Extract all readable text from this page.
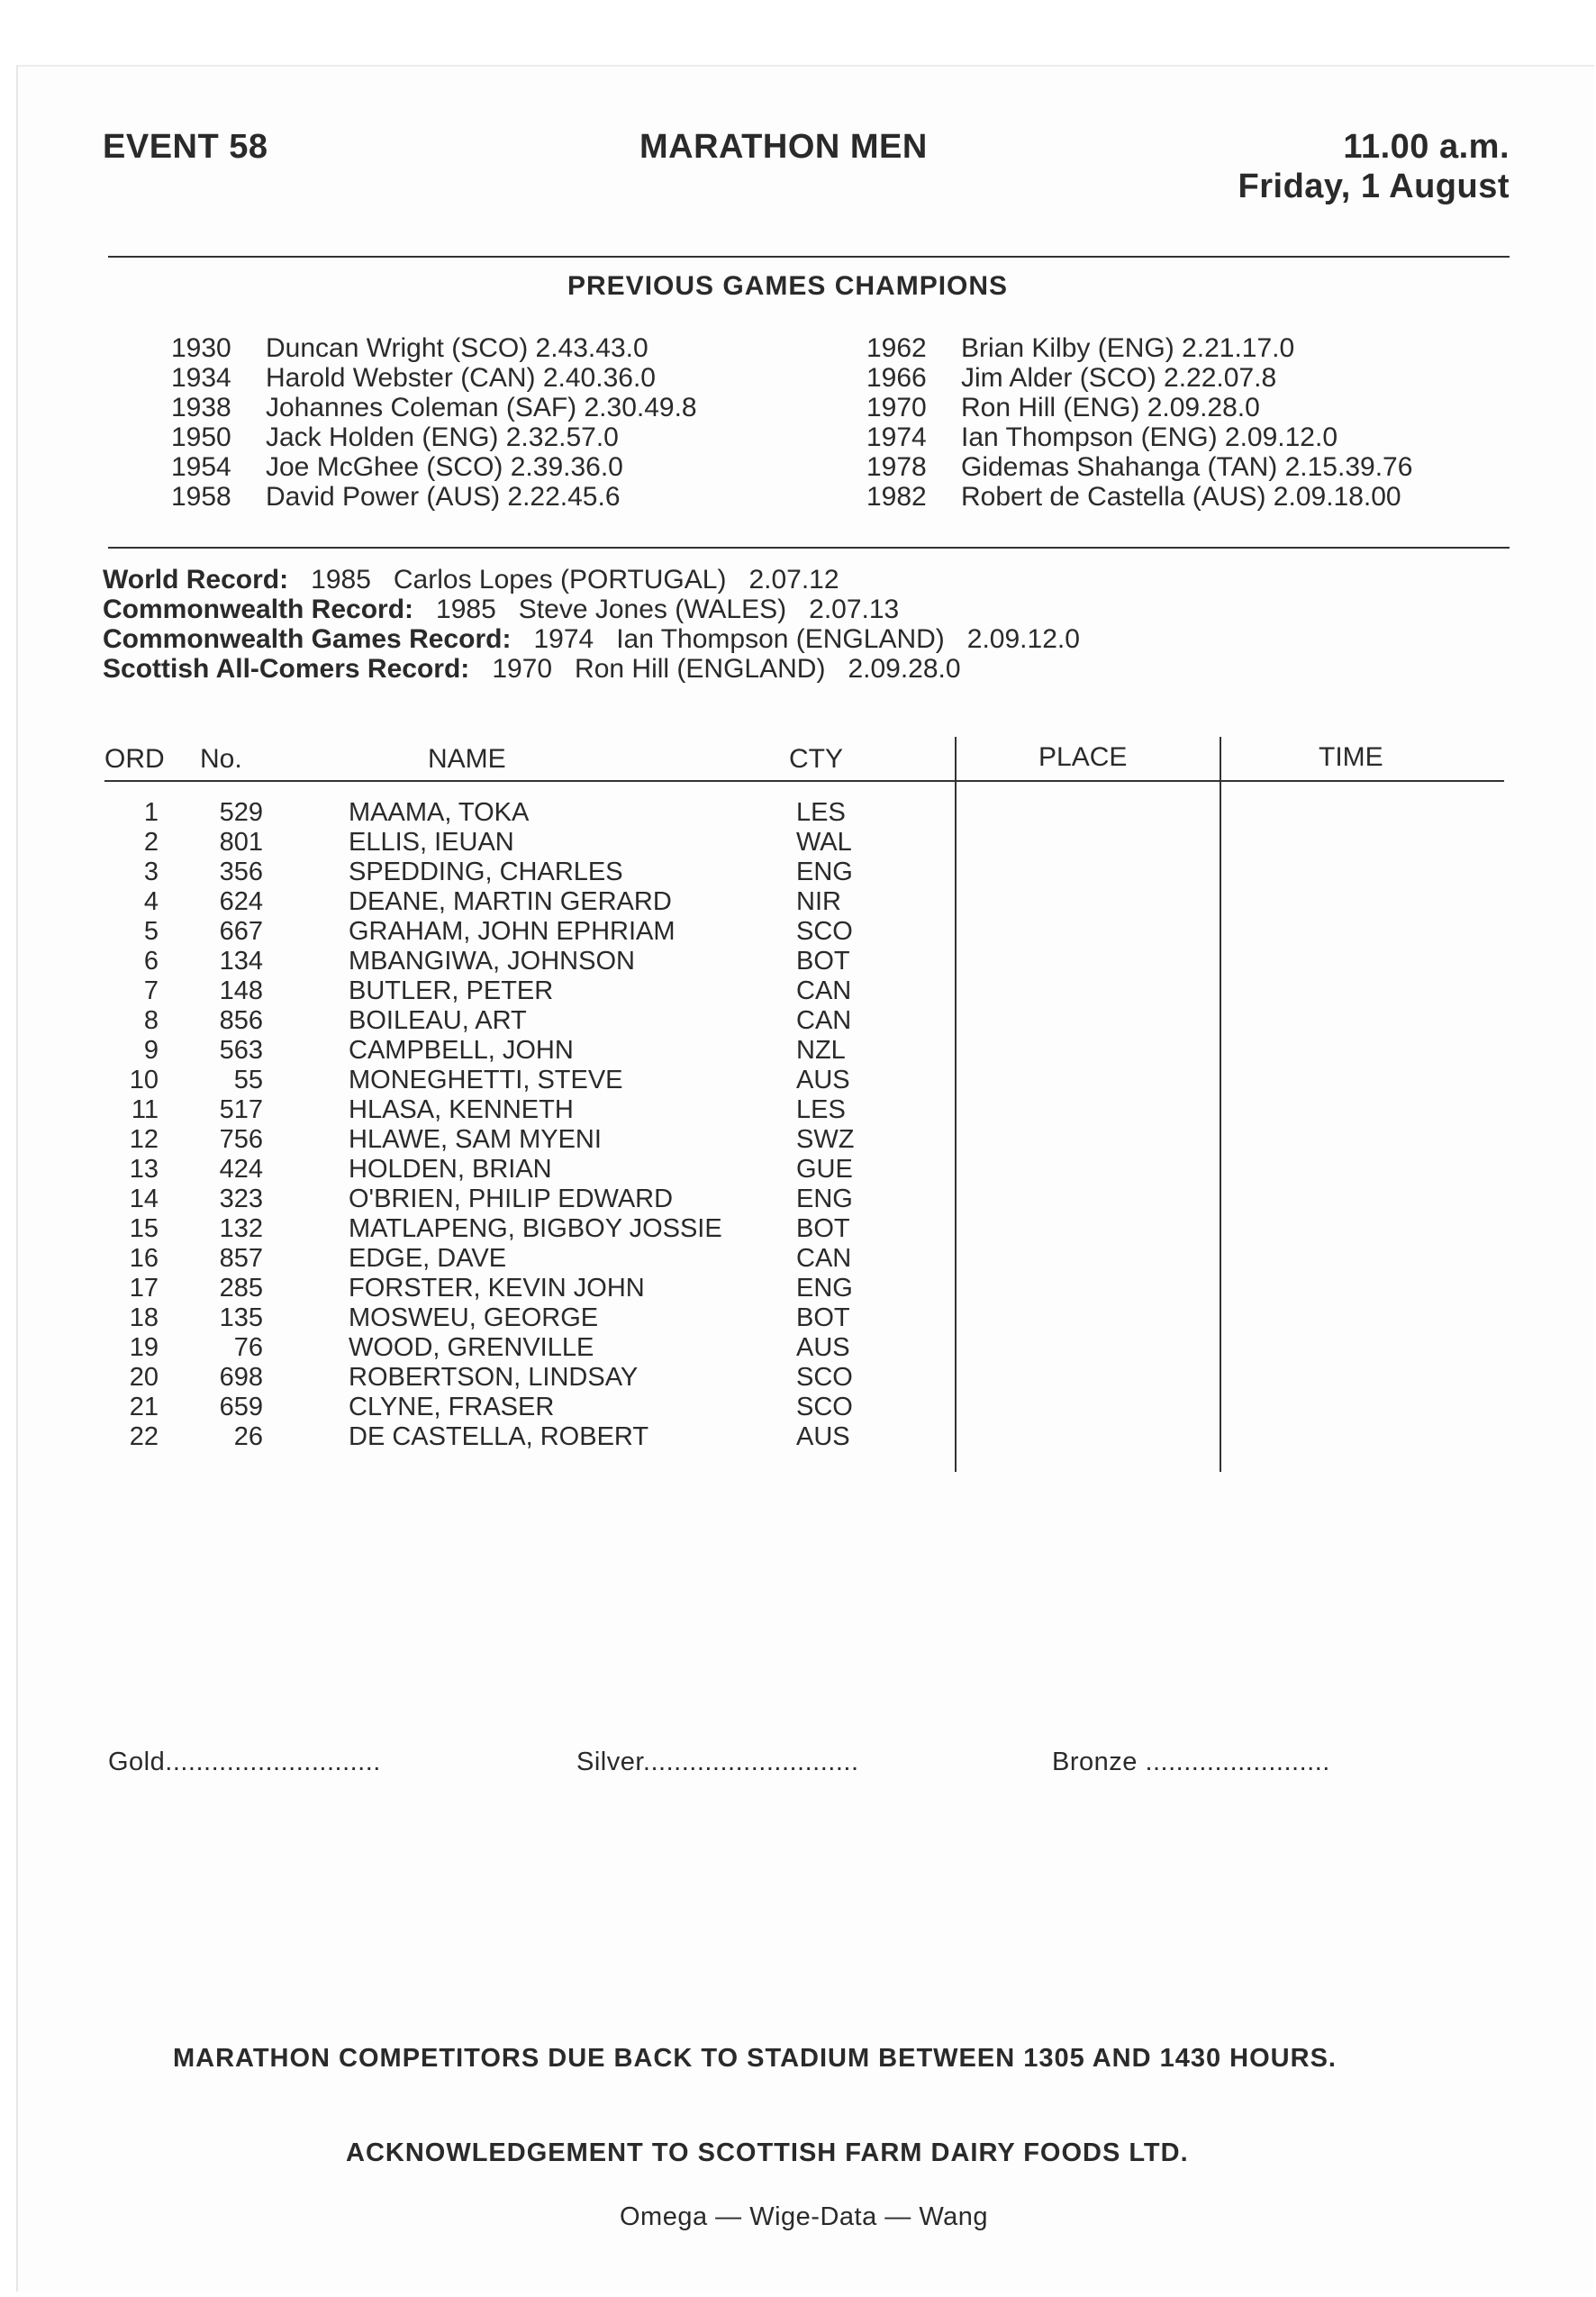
EVENT 58	MARATHON MEN	11.00 a.m.
Friday, 1 August
PREVIOUS GAMES CHAMPIONS
1930 Duncan Wright (SCO) 2.43.43.0
1934 Harold Webster (CAN) 2.40.36.0
1938 Johannes Coleman (SAF) 2.30.49.8
1950 Jack Holden (ENG) 2.32.57.0
1954 Joe McGhee (SCO) 2.39.36.0
1958 David Power (AUS) 2.22.45.6
1962 Brian Kilby (ENG) 2.21.17.0
1966 Jim Alder (SCO) 2.22.07.8
1970 Ron Hill (ENG) 2.09.28.0
1974 Ian Thompson (ENG) 2.09.12.0
1978 Gidemas Shahanga (TAN) 2.15.39.76
1982 Robert de Castella (AUS) 2.09.18.00
World Record: 1985   Carlos Lopes (PORTUGAL)   2.07.12
Commonwealth Record: 1985   Steve Jones (WALES)   2.07.13
Commonwealth Games Record: 1974   Ian Thompson (ENGLAND)   2.09.12.0
Scottish All-Comers Record: 1970   Ron Hill (ENGLAND)   2.09.28.0
ORD No.	NAME	CTY	PLACE	TIME
1	529	MAAMA, TOKA	LES
2	801	ELLIS, IEUAN	WAL
3	356	SPEDDING, CHARLES	ENG
4	624	DEANE, MARTIN GERARD	NIR
5	667	GRAHAM, JOHN EPHRIAM	SCO
6	134	MBANGIWA, JOHNSON	BOT
7	148	BUTLER, PETER	CAN
8	856	BOILEAU, ART	CAN
9	563	CAMPBELL, JOHN	NZL
10	55	MONEGHETTI, STEVE	AUS
11	517	HLASA, KENNETH	LES
12	756	HLAWE, SAM MYENI	SWZ
13	424	HOLDEN, BRIAN	GUE
14	323	O'BRIEN, PHILIP EDWARD	ENG
15	132	MATLAPENG, BIGBOY JOSSIE	BOT
16	857	EDGE, DAVE	CAN
17	285	FORSTER, KEVIN JOHN	ENG
18	135	MOSWEU, GEORGE	BOT
19	76	WOOD, GRENVILLE	AUS
20	698	ROBERTSON, LINDSAY	SCO
21	659	CLYNE, FRASER	SCO
22	26	DE CASTELLA, ROBERT	AUS
Gold............................	Silver............................	Bronze ........................
MARATHON COMPETITORS DUE BACK TO STADIUM BETWEEN 1305 AND 1430 HOURS.
ACKNOWLEDGEMENT TO SCOTTISH FARM DAIRY FOODS LTD.
Omega — Wige-Data — Wang
